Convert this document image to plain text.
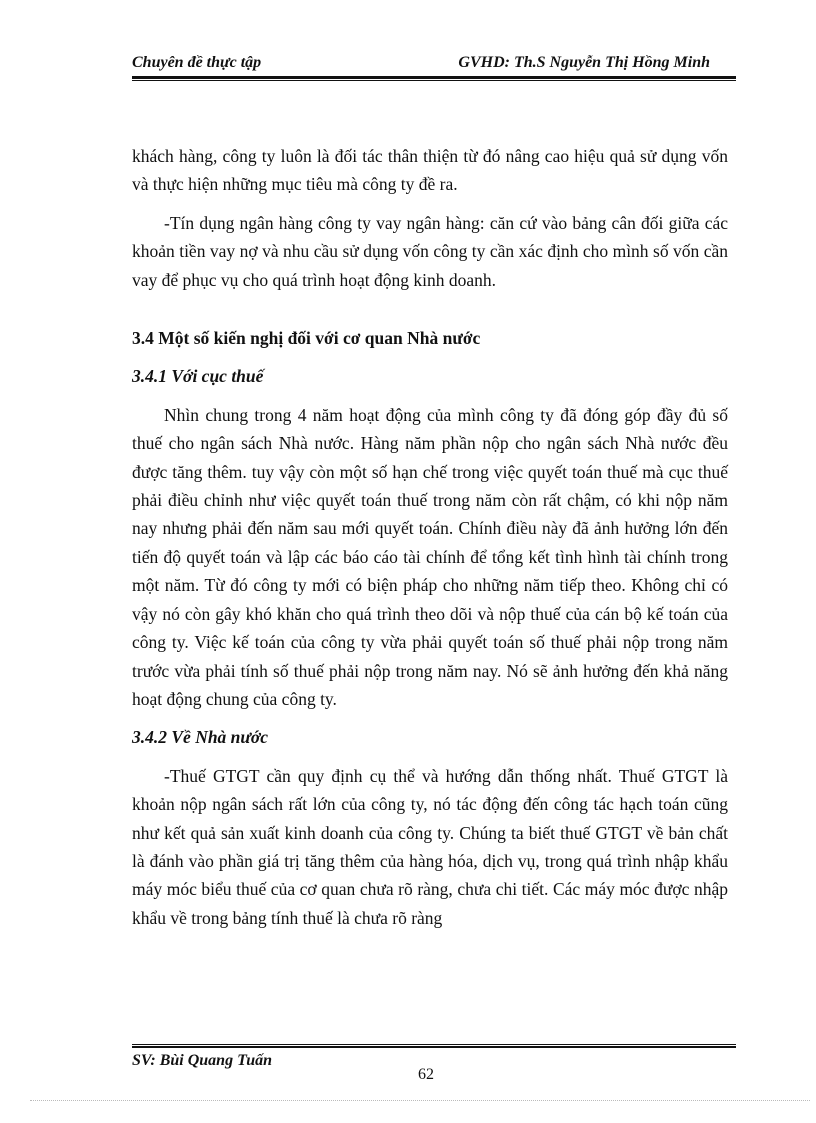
Chuyên đề thực tập	GVHD: Th.S Nguyễn Thị Hồng Minh

khách hàng, công ty luôn là đối tác thân thiện từ đó nâng cao hiệu quả sử dụng vốn và thực hiện những mục tiêu mà công ty đề ra.

-Tín dụng ngân hàng công ty vay ngân hàng: căn cứ vào bảng cân đối giữa các khoản tiền vay nợ và nhu cầu sử dụng vốn công ty cần xác định cho mình số vốn cần vay để phục vụ cho quá trình hoạt động kinh doanh.

3.4 Một số kiến nghị đối với cơ quan Nhà nước

3.4.1 Với cục thuế

Nhìn chung trong 4 năm hoạt động của mình công ty đã đóng góp đầy đủ số thuế cho ngân sách Nhà nước. Hàng năm phần nộp cho ngân sách Nhà nước đều được tăng thêm. tuy vậy còn một số hạn chế trong việc quyết toán thuế mà cục thuế phải điều chỉnh như việc quyết toán thuế trong năm còn rất chậm, có khi nộp năm nay nhưng phải đến năm sau mới quyết toán. Chính điều này đã ảnh hưởng lớn đến tiến độ quyết toán và lập các báo cáo tài chính để tổng kết tình hình tài chính trong một năm. Từ đó công ty mới có biện pháp cho những năm tiếp theo. Không chỉ có vậy nó còn gây khó khăn cho quá trình theo dõi và nộp thuế của cán bộ kế toán của công ty. Việc kế toán của công ty vừa phải quyết toán số thuế phải nộp trong năm trước vừa phải tính số thuế phải nộp trong năm nay. Nó sẽ ảnh hưởng đến khả năng hoạt động chung của công ty.

3.4.2 Về Nhà nước

-Thuế GTGT cần quy định cụ thể và hướng dẫn thống nhất. Thuế GTGT là khoản nộp ngân sách rất lớn của công ty, nó tác động đến công tác hạch toán cũng như kết quả sản xuất kinh doanh của công ty. Chúng ta biết thuế GTGT về bản chất là đánh vào phần giá trị tăng thêm của hàng hóa, dịch vụ, trong quá trình nhập khẩu máy móc biểu thuế của cơ quan chưa rõ ràng, chưa chi tiết. Các máy móc được nhập khẩu về trong bảng tính thuế là chưa rõ ràng

SV: Bùi Quang Tuấn
62
